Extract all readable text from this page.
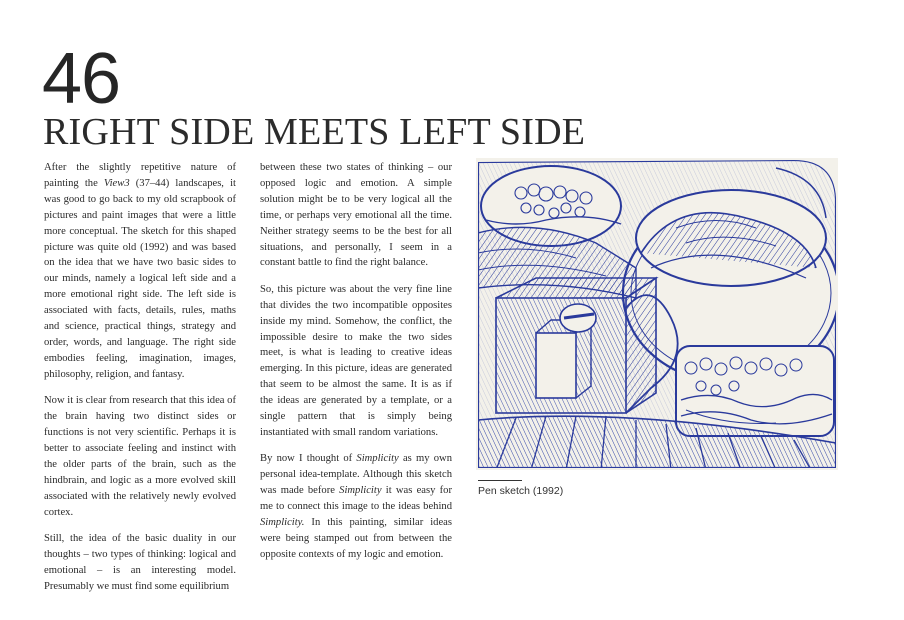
46
RIGHT SIDE MEETS LEFT SIDE

After the slightly repetitive nature of painting the View3 (37–44) landscapes, it was good to go back to my old scrapbook of pictures and paint images that were a little more conceptual. The sketch for this shaped picture was quite old (1992) and was based on the idea that we have two basic sides to our minds, namely a logical left side and a more emotional right side. The left side is associated with facts, details, rules, maths and science, practical things, strategy and order, words, and language. The right side embodies feeling, imagination, images, philosophy, religion, and fantasy.

Now it is clear from research that this idea of the brain having two distinct sides or functions is not very scientific. Perhaps it is better to associate feeling and instinct with the older parts of the brain, such as the hindbrain, and logic as a more evolved skill associated with the relatively newly evolved cortex.

Still, the idea of the basic duality in our thoughts – two types of thinking: logical and emotional – is an interesting model. Presumably we must find some equilibrium

between these two states of thinking – our opposed logic and emotion. A simple solution might be to be very logical all the time, or perhaps very emotional all the time. Neither strategy seems to be the best for all situations, and personally, I seem in a constant battle to find the right balance.

So, this picture was about the very fine line that divides the two incompatible opposites inside my mind. Somehow, the conflict, the impossible desire to make the two sides meet, is what is leading to creative ideas emerging. In this picture, ideas are generated that seem to be almost the same. It is as if the ideas are generated by a template, or a single pattern that is simply being instantiated with small random variations.

By now I thought of Simplicity as my own personal idea-template. Although this sketch was made before Simplicity it was easy for me to connect this image to the ideas behind Simplicity. In this painting, similar ideas were being stamped out from between the opposite contexts of my logic and emotion.

Pen sketch (1992)
